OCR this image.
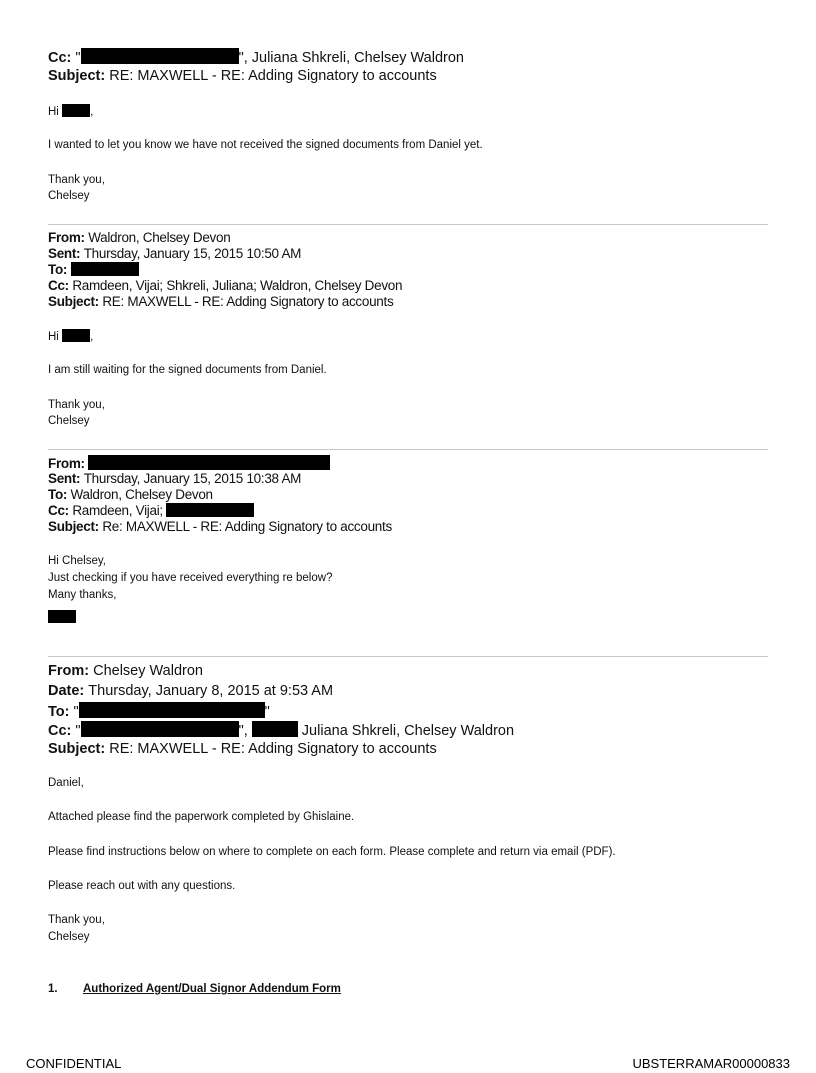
Cc: "	", Juliana Shkreli, Chelsey Waldron
Subject: RE: MAXWELL - RE: Adding Signatory to accounts
Hi ,
I wanted to let you know we have not received the signed documents from Daniel yet.
Thank you,
Chelsey
From: Waldron, Chelsey Devon
Sent: Thursday, January 15, 2015 10:50 AM
To:
Cc: Ramdeen, Vijai; Shkreli, Juliana; Waldron, Chelsey Devon
Subject: RE: MAXWELL - RE: Adding Signatory to accounts
Hi ,
I am still waiting for the signed documents from Daniel.
Thank you,
Chelsey
From:
Sent: Thursday, January 15, 2015 10:38 AM
To: Waldron, Chelsey Devon
Cc: Ramdeen, Vijai;
Subject: Re: MAXWELL - RE: Adding Signatory to accounts
Hi Chelsey,
Just checking if you have received everything re below?
Many thanks,
From: Chelsey Waldron
Date: Thursday, January 8, 2015 at 9:53 AM
To: "	"
Cc: "	",	Juliana Shkreli, Chelsey Waldron
Subject: RE: MAXWELL - RE: Adding Signatory to accounts
Daniel,
Attached please find the paperwork completed by Ghislaine.
Please find instructions below on where to complete on each form. Please complete and return via email (PDF).
Please reach out with any questions.
Thank you,
Chelsey
1. Authorized Agent/Dual Signor Addendum Form
CONFIDENTIAL	UBSTERRAMAR00000833
